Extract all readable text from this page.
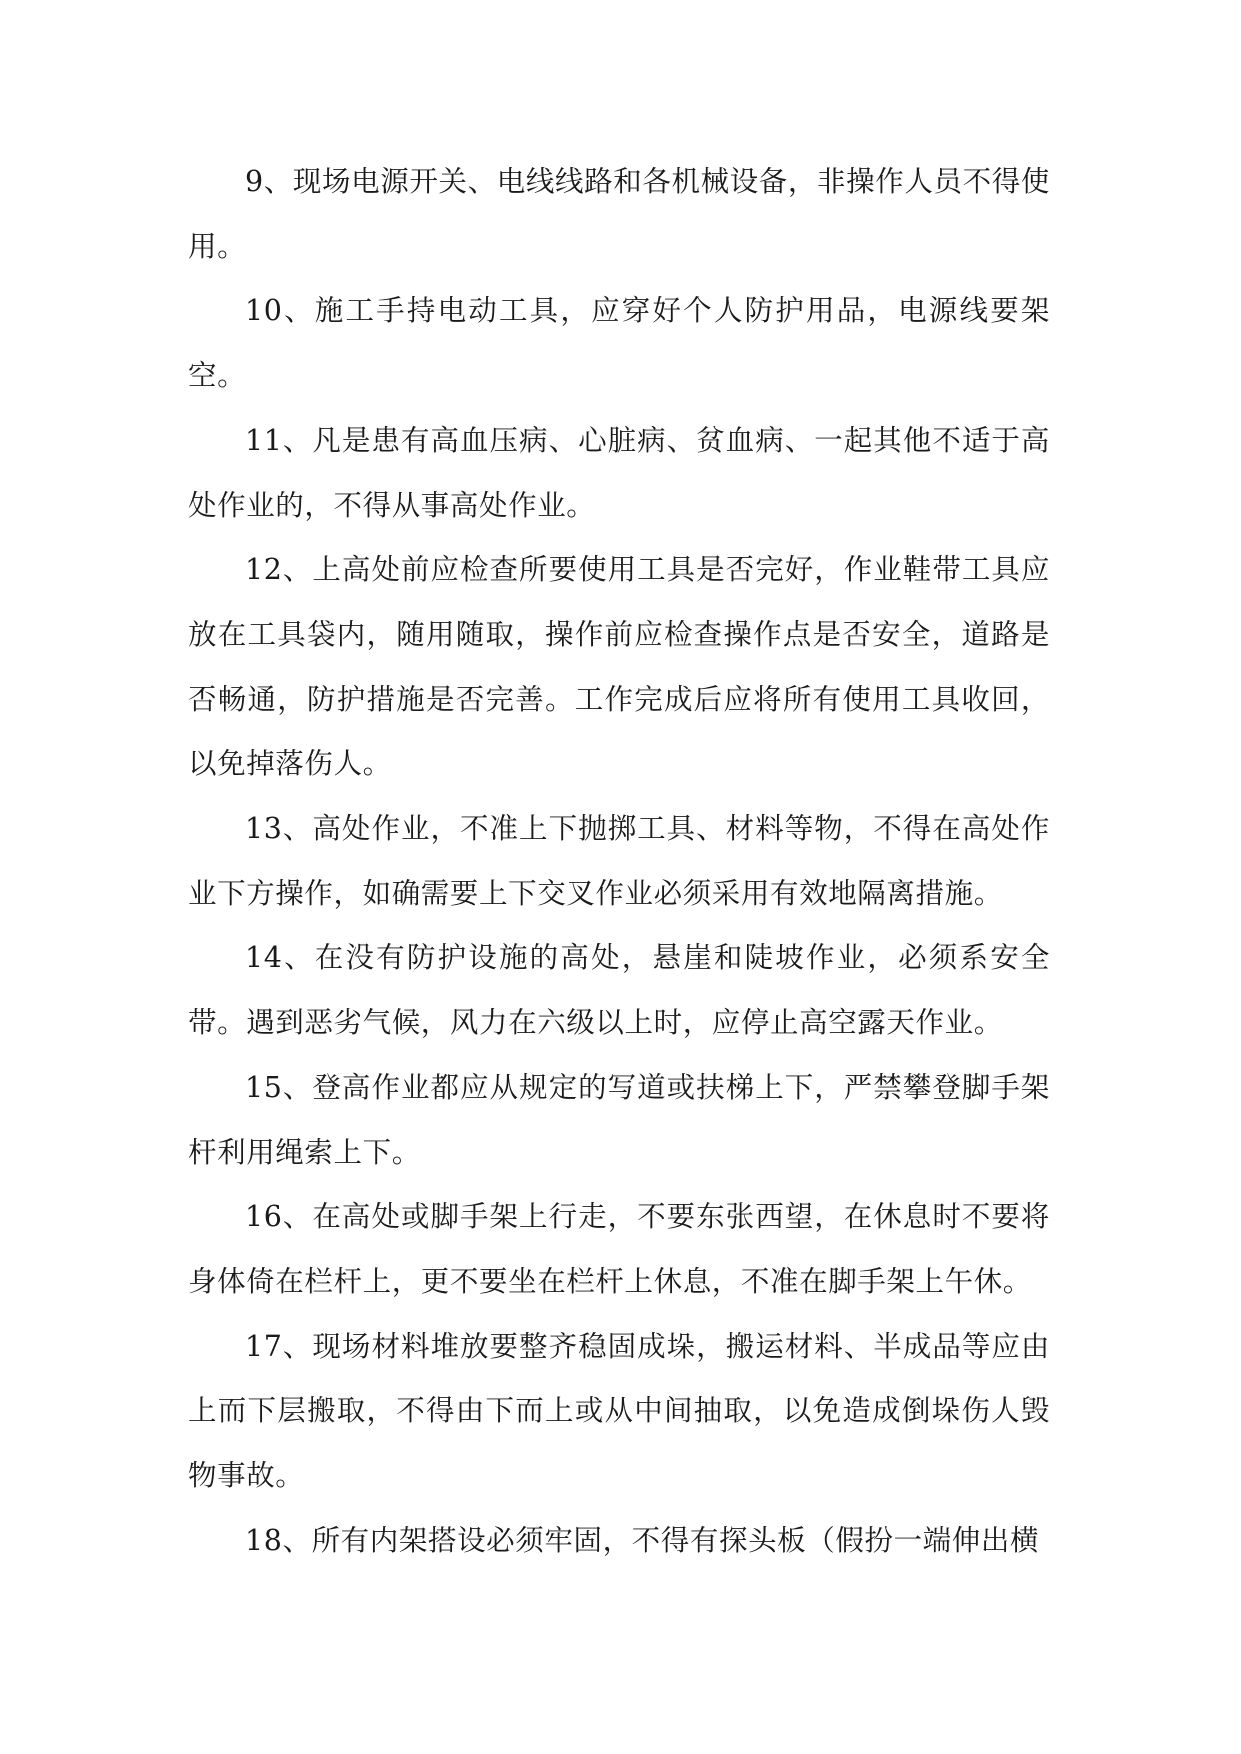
9、现场电源开关、电线线路和各机械设备，非操作人员不得使用。

10、施工手持电动工具，应穿好个人防护用品，电源线要架空。

11、凡是患有高血压病、心脏病、贫血病、一起其他不适于高处作业的，不得从事高处作业。

12、上高处前应检查所要使用工具是否完好，作业鞋带工具应放在工具袋内，随用随取，操作前应检查操作点是否安全，道路是否畅通，防护措施是否完善。工作完成后应将所有使用工具收回，以免掉落伤人。

13、高处作业，不准上下抛掷工具、材料等物，不得在高处作业下方操作，如确需要上下交叉作业必须采用有效地隔离措施。

14、在没有防护设施的高处，悬崖和陡坡作业，必须系安全带。遇到恶劣气候，风力在六级以上时，应停止高空露天作业。

15、登高作业都应从规定的写道或扶梯上下，严禁攀登脚手架杆利用绳索上下。

16、在高处或脚手架上行走，不要东张西望，在休息时不要将身体倚在栏杆上，更不要坐在栏杆上休息，不准在脚手架上午休。

17、现场材料堆放要整齐稳固成垛，搬运材料、半成品等应由上而下层搬取，不得由下而上或从中间抽取，以免造成倒垛伤人毁物事故。

18、所有内架搭设必须牢固，不得有探头板（假扮一端伸出横
